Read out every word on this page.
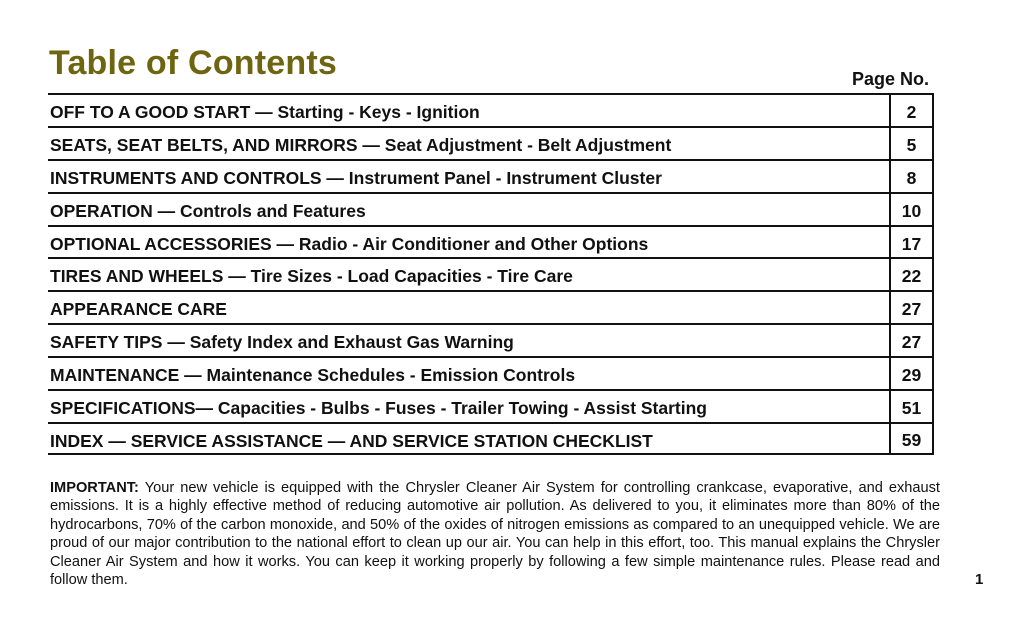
Table of Contents	Page No.
OFF TO A GOOD START — Starting - Keys - Ignition	2
SEATS, SEAT BELTS, AND MIRRORS — Seat Adjustment - Belt Adjustment	5
INSTRUMENTS AND CONTROLS — Instrument Panel - Instrument Cluster	8
OPERATION — Controls and Features	10
OPTIONAL ACCESSORIES — Radio - Air Conditioner and Other Options	17
TIRES AND WHEELS — Tire Sizes - Load Capacities - Tire Care	22
APPEARANCE CARE	27
SAFETY TIPS — Safety Index and Exhaust Gas Warning	27
MAINTENANCE — Maintenance Schedules - Emission Controls	29
SPECIFICATIONS— Capacities - Bulbs - Fuses - Trailer Towing - Assist Starting	51
INDEX — SERVICE ASSISTANCE — AND SERVICE STATION CHECKLIST	59

IMPORTANT: Your new vehicle is equipped with the Chrysler Cleaner Air System for controlling crankcase, evaporative, and exhaust emissions. It is a highly effective method of reducing automotive air pollution. As delivered to you, it eliminates more than 80% of the hydrocarbons, 70% of the carbon monoxide, and 50% of the oxides of nitrogen emissions as compared to an unequipped vehicle. We are proud of our major contribution to the national effort to clean up our air. You can help in this effort, too. This manual explains the Chrysler Cleaner Air System and how it works. You can keep it working properly by following a few simple maintenance rules. Please read and follow them.	1
